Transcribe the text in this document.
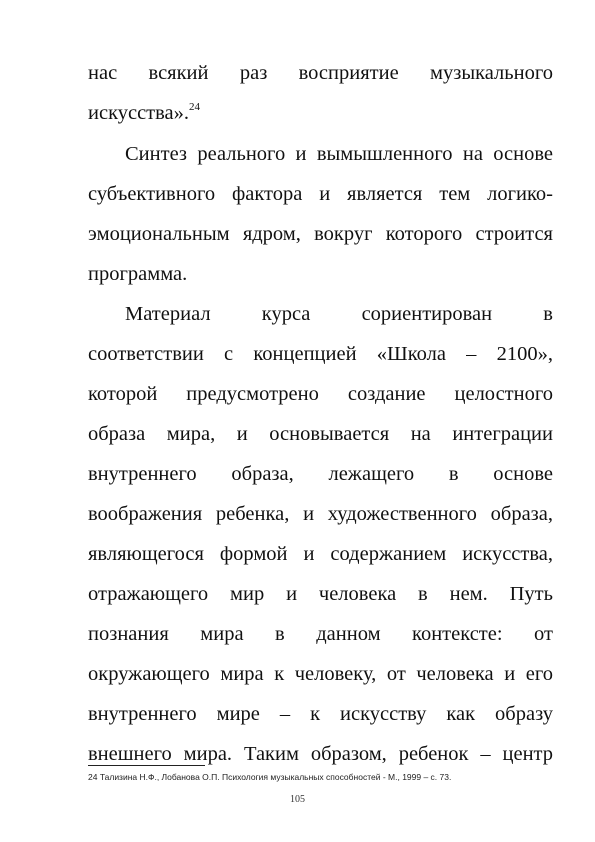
нас всякий раз восприятие музыкального
искусства».$^{24}$
Синтез реального и вымышленного на основе
субъективного фактора и является тем логико-
эмоциональным ядром, вокруг которого строится
программа.
Материал курса сориентирован в
соответствии с концепцией «Школа – 2100»,
которой предусмотрено создание целостного
образа мира, и основывается на интеграции
внутреннего образа, лежащего в основе
воображения ребенка, и художественного образа,
являющегося формой и содержанием искусства,
отражающего мир и человека в нем. Путь
познания мира в данном контексте: от
окружающего мира к человеку, от человека и его
внутреннего мире – к искусству как образу
внешнего мира. Таким образом, ребенок – центр
24 Тализина Н.Ф., Лобанова О.П. Психология музыкальных способностей - М., 1999 – с. 73.
105
